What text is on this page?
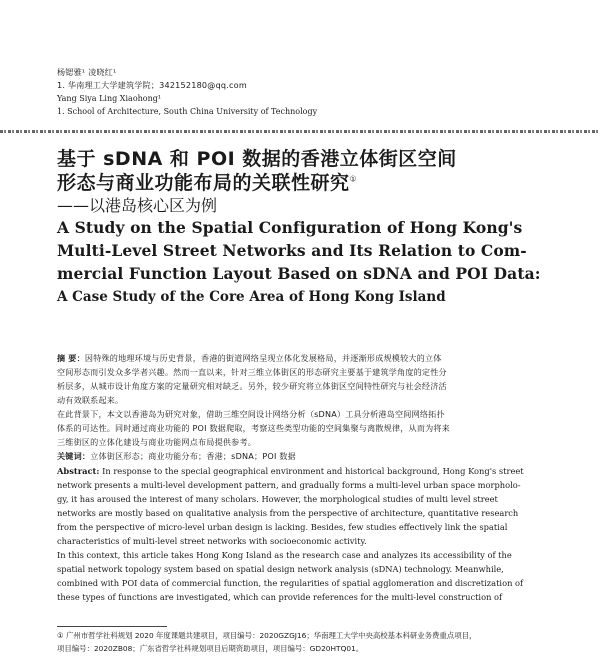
杨锶雅¹ 凌晓红¹
1. 华南理工大学建筑学院；342152180@qq.com
Yang Siya Ling Xiaohong¹
1. School of Architecture, South China University of Technology
基于 sDNA 和 POI 数据的香港立体街区空间
形态与商业功能布局的关联性研究①
——以港岛核心区为例
A Study on the Spatial Configuration of Hong Kong's
Multi-Level Street Networks and Its Relation to Com-
mercial Function Layout Based on sDNA and POI Data:
A Case Study of the Core Area of Hong Kong Island
摘 要：因特殊的地理环境与历史背景，香港的街道网络呈现立体化发展格局，并逐渐形成规模较大的立体
空间形态而引发众多学者兴趣。然而一直以来，针对三维立体街区的形态研究主要基于建筑学角度的定性分
析层多，从城市设计角度方案的定量研究相对缺乏。另外，较少研究将立体街区空间特性研究与社会经济活
动有效联系起来。
在此背景下，本文以香港岛为研究对象，借助三维空间设计网络分析（sDNA）工具分析港岛空间网络拓扑
体系的可达性。同时通过商业功能的 POI 数据爬取，考察这些类型功能的空间集聚与离散规律，从而为将来
三维街区的立体化建设与商业功能网点布局提供参考。
关键词：立体街区形态；商业功能分布；香港；sDNA；POI 数据
Abstract: In response to the special geographical environment and historical background, Hong Kong's street
network presents a multi-level development pattern, and gradually forms a multi-level urban space morpholo-
gy, it has aroused the interest of many scholars. However, the morphological studies of multi level street
networks are mostly based on qualitative analysis from the perspective of architecture, quantitative research
from the perspective of micro-level urban design is lacking. Besides, few studies effectively link the spatial
characteristics of multi-level street networks with socioeconomic activity.
In this context, this article takes Hong Kong Island as the research case and analyzes its accessibility of the
spatial network topology system based on spatial design network analysis (sDNA) technology. Meanwhile,
combined with POI data of commercial function, the regularities of spatial agglomeration and discretization of
these types of functions are investigated, which can provide references for the multi-level construction of
① 广州市哲学社科规划 2020 年度课题共建项目，项目编号：2020GZGJ16；华南理工大学中央高校基本科研业务费重点项目，
项目编号：2020ZB08；广东省哲学社科规划项目后期资助项目，项目编号：GD20HTQ01。
